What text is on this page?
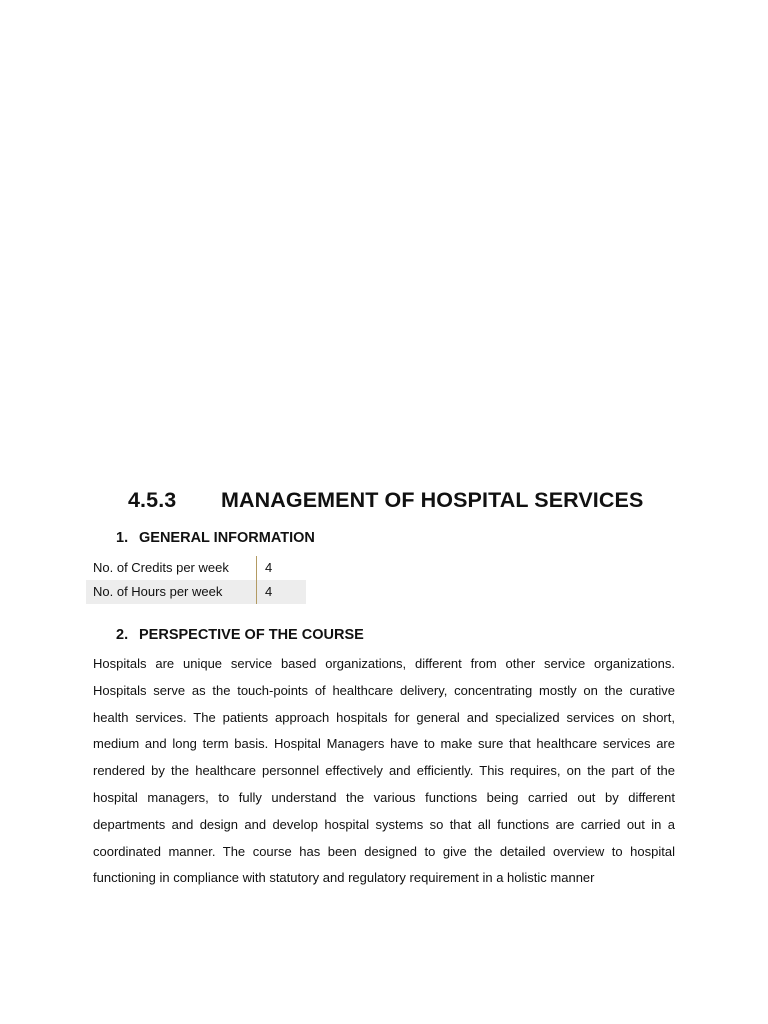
4.5.3 MANAGEMENT OF HOSPITAL SERVICES
1. GENERAL INFORMATION
No. of Credits per week	4
No. of Hours per week	4
2. PERSPECTIVE OF THE COURSE

Hospitals are unique service based organizations, different from other service organizations. Hospitals serve as the touch-points of healthcare delivery, concentrating mostly on the curative health services. The patients approach hospitals for general and specialized services on short, medium and long term basis. Hospital Managers have to make sure that healthcare services are rendered by the healthcare personnel effectively and efficiently. This requires, on the part of the hospital managers, to fully understand the various functions being carried out by different departments and design and develop hospital systems so that all functions are carried out in a coordinated manner. The course has been designed to give the detailed overview to hospital functioning in compliance with statutory and regulatory requirement in a holistic manner
